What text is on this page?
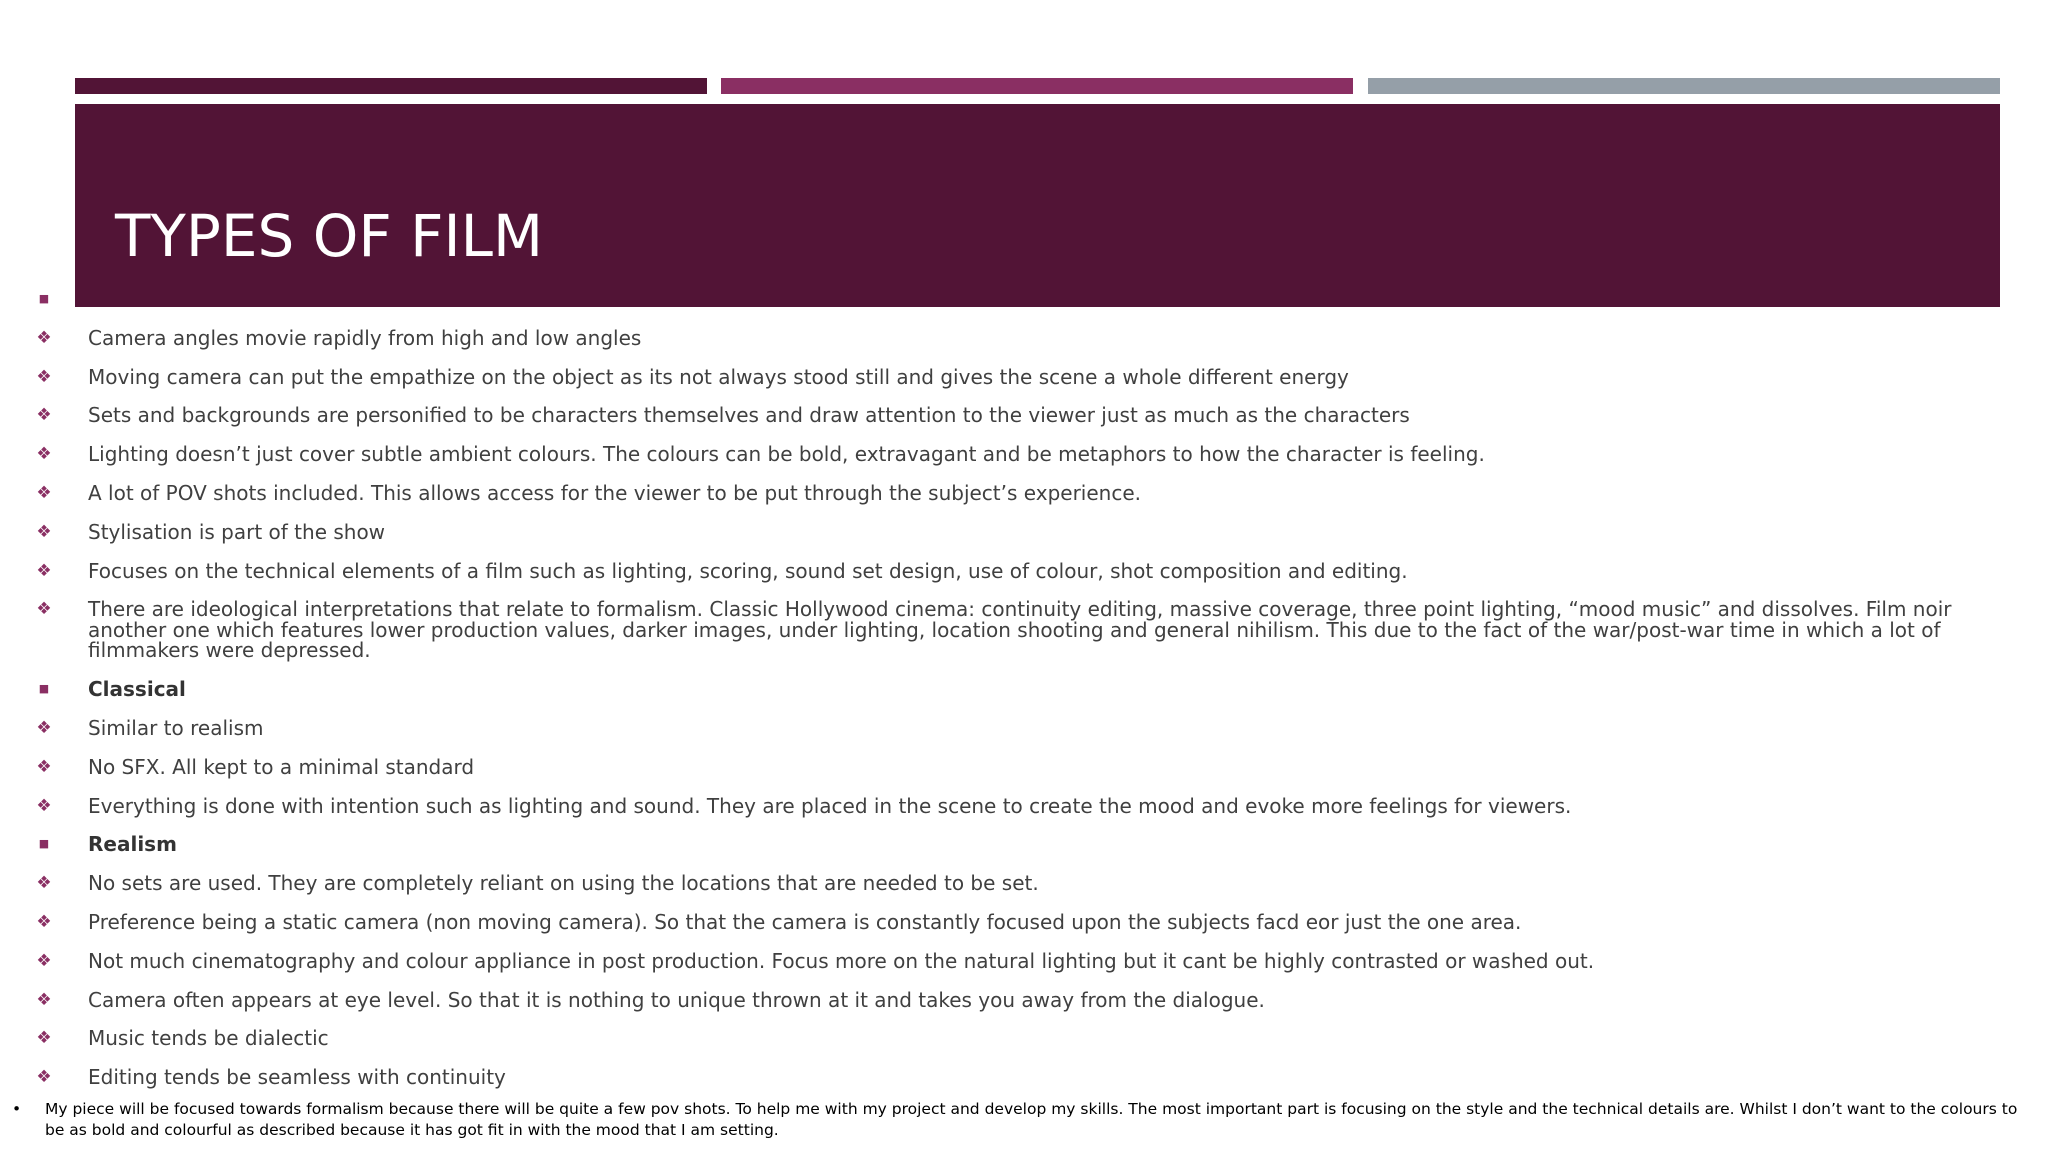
TYPES OF FILM
■
❖ Camera angles movie rapidly from high and low angles
❖ Moving camera can put the empathize on the object as its not always stood still and gives the scene a whole different energy
❖ Sets and backgrounds are personified to be characters themselves and draw attention to the viewer just as much as the characters
❖ Lighting doesn’t just cover subtle ambient colours. The colours can be bold, extravagant and be metaphors to how the character is feeling.
❖ A lot of POV shots included. This allows access for the viewer to be put through the subject’s experience.
❖ Stylisation is part of the show
❖ Focuses on the technical elements of a film such as lighting, scoring, sound set design, use of colour, shot composition and editing.
❖ There are ideological interpretations that relate to formalism. Classic Hollywood cinema: continuity editing, massive coverage, three point lighting, “mood music” and dissolves. Film noir another one which features lower production values, darker images, under lighting, location shooting and general nihilism. This due to the fact of the war/post-war time in which a lot of filmmakers were depressed.
■	Classical
❖ Similar to realism
❖ No SFX. All kept to a minimal standard
❖ Everything is done with intention such as lighting and sound. They are placed in the scene to create the mood and evoke more feelings for viewers.
■	Realism
❖ No sets are used. They are completely reliant on using the locations that are needed to be set.
❖ Preference being a static camera (non moving camera). So that the camera is constantly focused upon the subjects facd eor just the one area.
❖ Not much cinematography and colour appliance in post production. Focus more on the natural lighting but it cant be highly contrasted or washed out.
❖ Camera often appears at eye level. So that it is nothing to unique thrown at it and takes you away from the dialogue.
❖ Music tends be dialectic
❖ Editing tends be seamless with continuity
•	My piece will be focused towards formalism because there will be quite a few pov shots. To help me with my project and develop my skills. The most important part is focusing on the style and the technical details are. Whilst I don’t want to the colours to be as bold and colourful as described because it has got fit in with the mood that I am setting.
